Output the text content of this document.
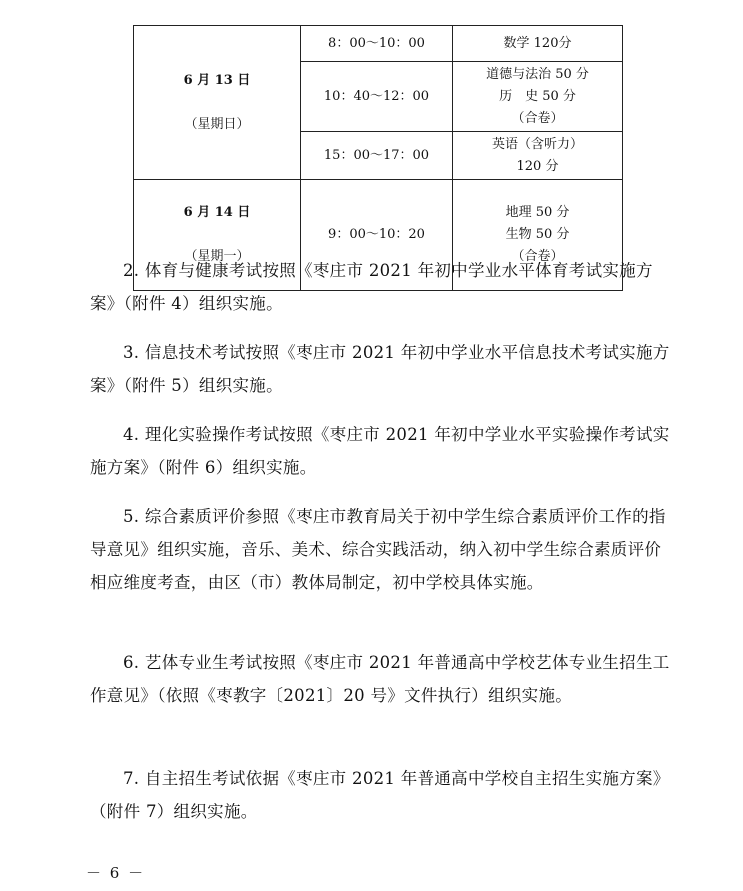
6 月 13 日

（星期日）	8：00～10：00	数学 120分
	10：40～12：00	道德与法治 50 分
历　史 50 分
（合卷）
	15：00～17：00	英语（含听力）
120 分

6 月 14 日

（星期一）	9：00～10：20	地理 50 分
生物 50 分
（合卷）

2. 体育与健康考试按照《枣庄市 2021 年初中学业水平体育考试实施方案》（附件 4）组织实施。

3. 信息技术考试按照《枣庄市 2021 年初中学业水平信息技术考试实施方案》（附件 5）组织实施。

4. 理化实验操作考试按照《枣庄市 2021 年初中学业水平实验操作考试实施方案》（附件 6）组织实施。

5. 综合素质评价参照《枣庄市教育局关于初中学生综合素质评价工作的指导意见》组织实施，音乐、美术、综合实践活动，纳入初中学生综合素质评价相应维度考查，由区（市）教体局制定，初中学校具体实施。

6. 艺体专业生考试按照《枣庄市 2021 年普通高中学校艺体专业生招生工作意见》（依照《枣教字〔2021〕20 号》文件执行）组织实施。

7. 自主招生考试依据《枣庄市 2021 年普通高中学校自主招生实施方案》（附件 7）组织实施。

－ 6 －
